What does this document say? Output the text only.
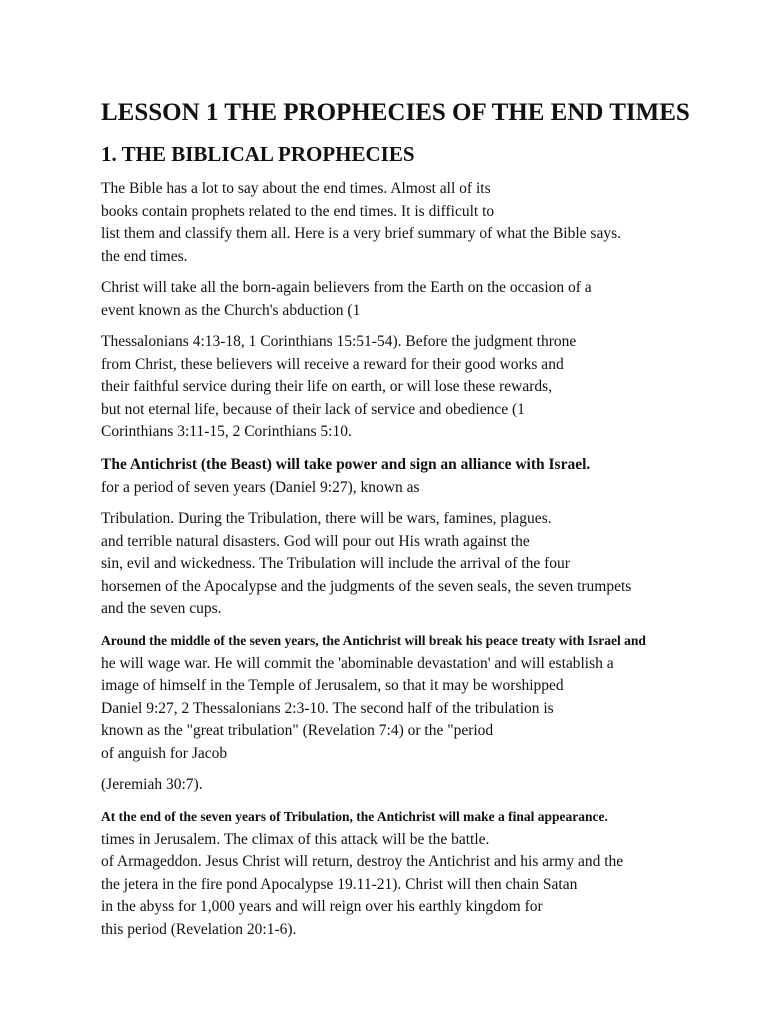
LESSON 1 THE PROPHECIES OF THE END TIMES
1. THE BIBLICAL PROPHECIES
The Bible has a lot to say about the end times. Almost all of its
books contain prophets related to the end times. It is difficult to
list them and classify them all. Here is a very brief summary of what the Bible says.
the end times.
Christ will take all the born-again believers from the Earth on the occasion of a
event known as the Church's abduction (1
Thessalonians 4:13-18, 1 Corinthians 15:51-54). Before the judgment throne
from Christ, these believers will receive a reward for their good works and
their faithful service during their life on earth, or will lose these rewards,
but not eternal life, because of their lack of service and obedience (1
Corinthians 3:11-15, 2 Corinthians 5:10.
The Antichrist (the Beast) will take power and sign an alliance with Israel.
for a period of seven years (Daniel 9:27), known as
Tribulation. During the Tribulation, there will be wars, famines, plagues.
and terrible natural disasters. God will pour out His wrath against the
sin, evil and wickedness. The Tribulation will include the arrival of the four
horsemen of the Apocalypse and the judgments of the seven seals, the seven trumpets
and the seven cups.
Around the middle of the seven years, the Antichrist will break his peace treaty with Israel and
he will wage war. He will commit the 'abominable devastation' and will establish a
image of himself in the Temple of Jerusalem, so that it may be worshipped
Daniel 9:27, 2 Thessalonians 2:3-10. The second half of the tribulation is
known as the "great tribulation" (Revelation 7:4) or the "period
of anguish for Jacob
(Jeremiah 30:7).
At the end of the seven years of Tribulation, the Antichrist will make a final appearance.
times in Jerusalem. The climax of this attack will be the battle.
of Armageddon. Jesus Christ will return, destroy the Antichrist and his army and the
the jetera in the fire pond Apocalypse 19.11-21). Christ will then chain Satan
in the abyss for 1,000 years and will reign over his earthly kingdom for
this period (Revelation 20:1-6).
